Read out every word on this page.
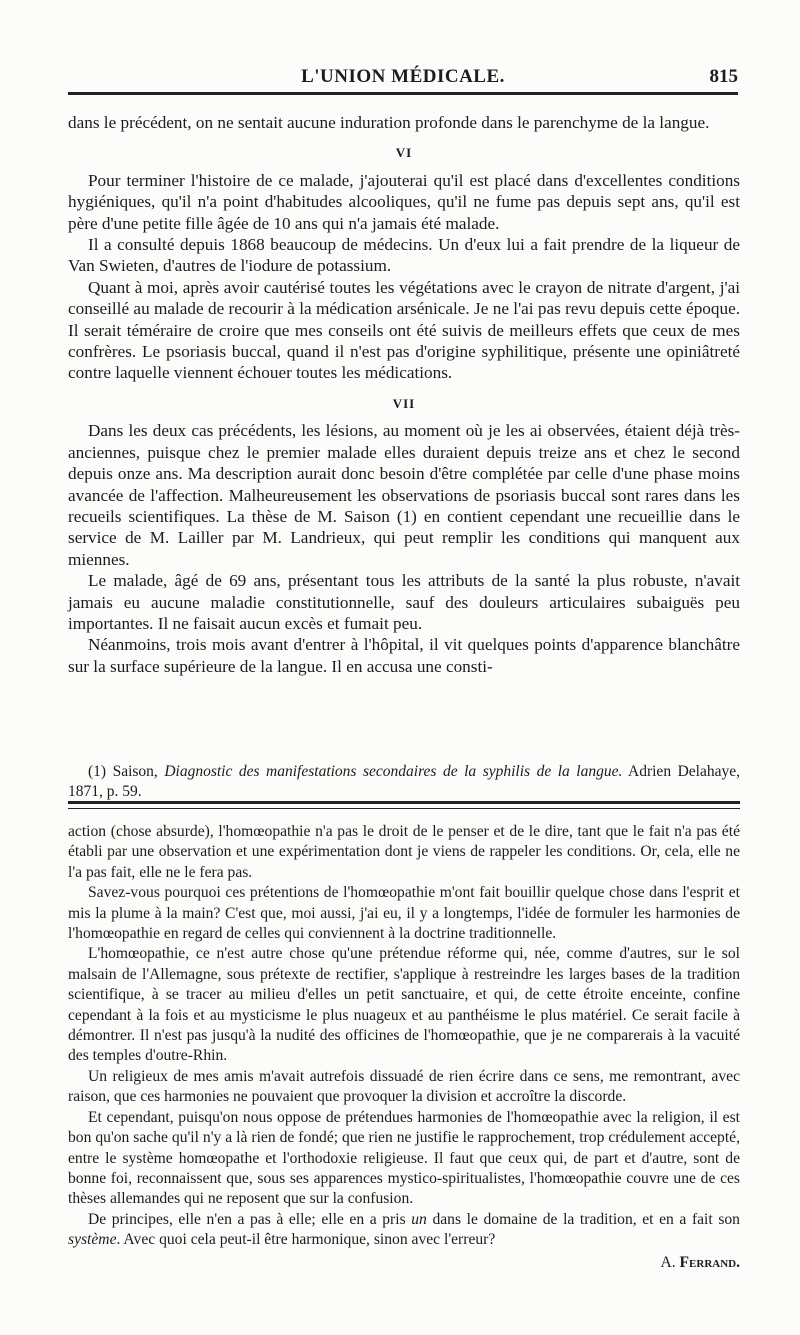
L'UNION MÉDICALE.	815

dans le précédent, on ne sentait aucune induration profonde dans le parenchyme de la langue.

VI

Pour terminer l'histoire de ce malade, j'ajouterai qu'il est placé dans d'excellentes conditions hygiéniques, qu'il n'a point d'habitudes alcooliques, qu'il ne fume pas depuis sept ans, qu'il est père d'une petite fille âgée de 10 ans qui n'a jamais été malade.

Il a consulté depuis 1868 beaucoup de médecins. Un d'eux lui a fait prendre de la liqueur de Van Swieten, d'autres de l'iodure de potassium.

Quant à moi, après avoir cautérisé toutes les végétations avec le crayon de nitrate d'argent, j'ai conseillé au malade de recourir à la médication arsénicale. Je ne l'ai pas revu depuis cette époque. Il serait téméraire de croire que mes conseils ont été suivis de meilleurs effets que ceux de mes confrères. Le psoriasis buccal, quand il n'est pas d'origine syphilitique, présente une opiniâtreté contre laquelle viennent échouer toutes les médications.

VII

Dans les deux cas précédents, les lésions, au moment où je les ai observées, étaient déjà très-anciennes, puisque chez le premier malade elles duraient depuis treize ans et chez le second depuis onze ans. Ma description aurait donc besoin d'être complétée par celle d'une phase moins avancée de l'affection. Malheureusement les observations de psoriasis buccal sont rares dans les recueils scientifiques. La thèse de M. Saison (1) en contient cependant une recueillie dans le service de M. Lailler par M. Landrieux, qui peut remplir les conditions qui manquent aux miennes.

Le malade, âgé de 69 ans, présentant tous les attributs de la santé la plus robuste, n'avait jamais eu aucune maladie constitutionnelle, sauf des douleurs articulaires subaiguës peu importantes. Il ne faisait aucun excès et fumait peu.

Néanmoins, trois mois avant d'entrer à l'hôpital, il vit quelques points d'apparence blanchâtre sur la surface supérieure de la langue. Il en accusa une consti-

(1) Saison, Diagnostic des manifestations secondaires de la syphilis de la langue. Adrien Delahaye, 1871, p. 59.

action (chose absurde), l'homœopathie n'a pas le droit de le penser et de le dire, tant que le fait n'a pas été établi par une observation et une expérimentation dont je viens de rappeler les conditions. Or, cela, elle ne l'a pas fait, elle ne le fera pas.

Savez-vous pourquoi ces prétentions de l'homœopathie m'ont fait bouillir quelque chose dans l'esprit et mis la plume à la main? C'est que, moi aussi, j'ai eu, il y a longtemps, l'idée de formuler les harmonies de l'homœopathie en regard de celles qui conviennent à la doctrine traditionnelle.

L'homœopathie, ce n'est autre chose qu'une prétendue réforme qui, née, comme d'autres, sur le sol malsain de l'Allemagne, sous prétexte de rectifier, s'applique à restreindre les larges bases de la tradition scientifique, à se tracer au milieu d'elles un petit sanctuaire, et qui, de cette étroite enceinte, confine cependant à la fois et au mysticisme le plus nuageux et au panthéisme le plus matériel. Ce serait facile à démontrer. Il n'est pas jusqu'à la nudité des officines de l'homœopathie, que je ne comparerais à la vacuité des temples d'outre-Rhin.

Un religieux de mes amis m'avait autrefois dissuadé de rien écrire dans ce sens, me remontrant, avec raison, que ces harmonies ne pouvaient que provoquer la division et accroître la discorde.

Et cependant, puisqu'on nous oppose de prétendues harmonies de l'homœopathie avec la religion, il est bon qu'on sache qu'il n'y a là rien de fondé; que rien ne justifie le rapprochement, trop crédulement accepté, entre le système homœopathe et l'orthodoxie religieuse. Il faut que ceux qui, de part et d'autre, sont de bonne foi, reconnaissent que, sous ses apparences mystico-spiritualistes, l'homœopathie couvre une de ces thèses allemandes qui ne reposent que sur la confusion.

De principes, elle n'en a pas à elle; elle en a pris un dans le domaine de la tradition, et en a fait son système. Avec quoi cela peut-il être harmonique, sinon avec l'erreur?

A. Ferrand.
